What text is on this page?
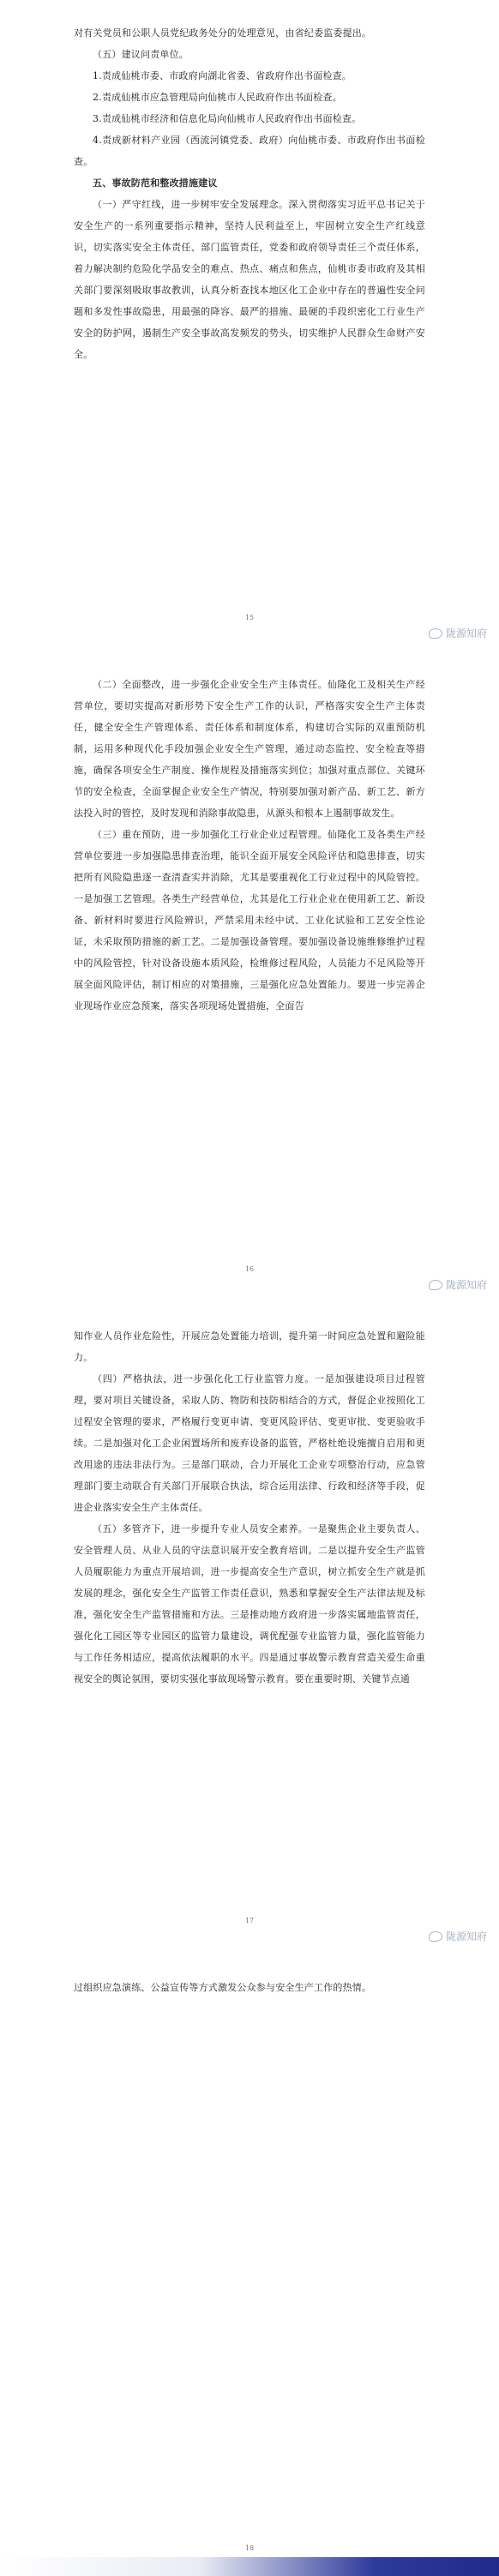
对有关党员和公职人员党纪政务处分的处理意见，由省纪委监委提出。

（五）建议问责单位。

1.责成仙桃市委、市政府向湖北省委、省政府作出书面检查。

2.责成仙桃市应急管理局向仙桃市人民政府作出书面检查。

3.责成仙桃市经济和信息化局向仙桃市人民政府作出书面检查。

4.责成新材料产业园（西流河镇党委、政府）向仙桃市委、市政府作出书面检查。

五、事故防范和整改措施建议

（一）严守红线，进一步树牢安全发展理念。深入贯彻落实习近平总书记关于安全生产的一系列重要指示精神，坚持人民利益至上，牢固树立安全生产红线意识，切实落实安全主体责任、部门监管责任，党委和政府领导责任三个责任体系，着力解决制约危险化学品安全的难点、热点、痛点和焦点，仙桃市委市政府及其相关部门要深刻吸取事故教训，认真分析查找本地区化工企业中存在的普遍性安全问题和多发性事故隐患，用最强的降容、最严的措施、最硬的手段织密化工行业生产安全的防护网，遏制生产安全事故高发频发的势头，切实维护人民群众生命财产安全。

15
陇源知府

（二）全面整改，进一步强化企业安全生产主体责任。仙隆化工及相关生产经营单位，要切实提高对新形势下安全生产工作的认识，严格落实安全生产主体责任，健全安全生产管理体系、责任体系和制度体系，构建切合实际的双重预防机制，运用多种现代化手段加强企业安全生产管理，通过动态监控、安全检查等措施，确保各项安全生产制度、操作规程及措施落实到位；加强对重点部位、关键环节的安全检查，全面掌握企业安全生产情况，特别要加强对新产品、新工艺、新方法投入时的管控，及时发现和消除事故隐患，从源头和根本上遏制事故发生。

（三）重在预防，进一步加强化工行业企业过程管理。仙隆化工及各类生产经营单位要进一步加强隐患排查治理，能识全面开展安全风险评估和隐患排查，切实把所有风险隐患逐一查清查实并消除，尤其是要重视化工行业过程中的风险管控。一是加强工艺管理。各类生产经营单位，尤其是化工行业企业在使用新工艺、新设备、新材料时要进行风险辨识，严禁采用未经中试、工业化试验和工艺安全性论证，未采取预防措施的新工艺。二是加强设备管理。要加强设备设施维修维护过程中的风险管控，针对设备设施本质风险，检维修过程风险，人员能力不足风险等开展全面风险评估，制订相应的对策措施，三是强化应急处置能力。要进一步完善企业现场作业应急预案，落实各项现场处置措施，全面告

16
陇源知府

知作业人员作业危险性，开展应急处置能力培训，提升第一时间应急处置和避险能力。

（四）严格执法，进一步强化化工行业监管力度。一是加强建设项目过程管理，要对项目关键设备，采取人防、物防和技防相结合的方式，督促企业按照化工过程安全管理的要求，严格履行变更申请、变更风险评估、变更审批、变更验收手续。二是加强对化工企业闲置场所和废弃设备的监管，严格杜绝设施擅自启用和更改用途的违法非法行为。三是部门联动，合力开展化工企业专项整治行动，应急管理部门要主动联合有关部门开展联合执法，综合运用法律、行政和经济等手段，促进企业落实安全生产主体责任。

（五）多管齐下，进一步提升专业人员安全素养。一是聚焦企业主要负责人、安全管理人员、从业人员的守法意识展开安全教育培训。二是以提升安全生产监管人员履职能力为重点开展培训，进一步提高安全生产意识，树立抓安全生产就是抓发展的理念，强化安全生产监管工作责任意识，熟悉和掌握安全生产法律法规及标准，强化安全生产监管措施和方法。三是推动地方政府进一步落实属地监管责任，强化化工园区等专业园区的监管力量建设，调优配强专业监管力量，强化监管能力与工作任务相适应，提高依法履职的水平。四是通过事故警示教育营造关爱生命重视安全的舆论氛围，要切实强化事故现场警示教育。要在重要时期、关键节点通

17
陇源知府

过组织应急演练、公益宣传等方式激发公众参与安全生产工作的热情。

18
